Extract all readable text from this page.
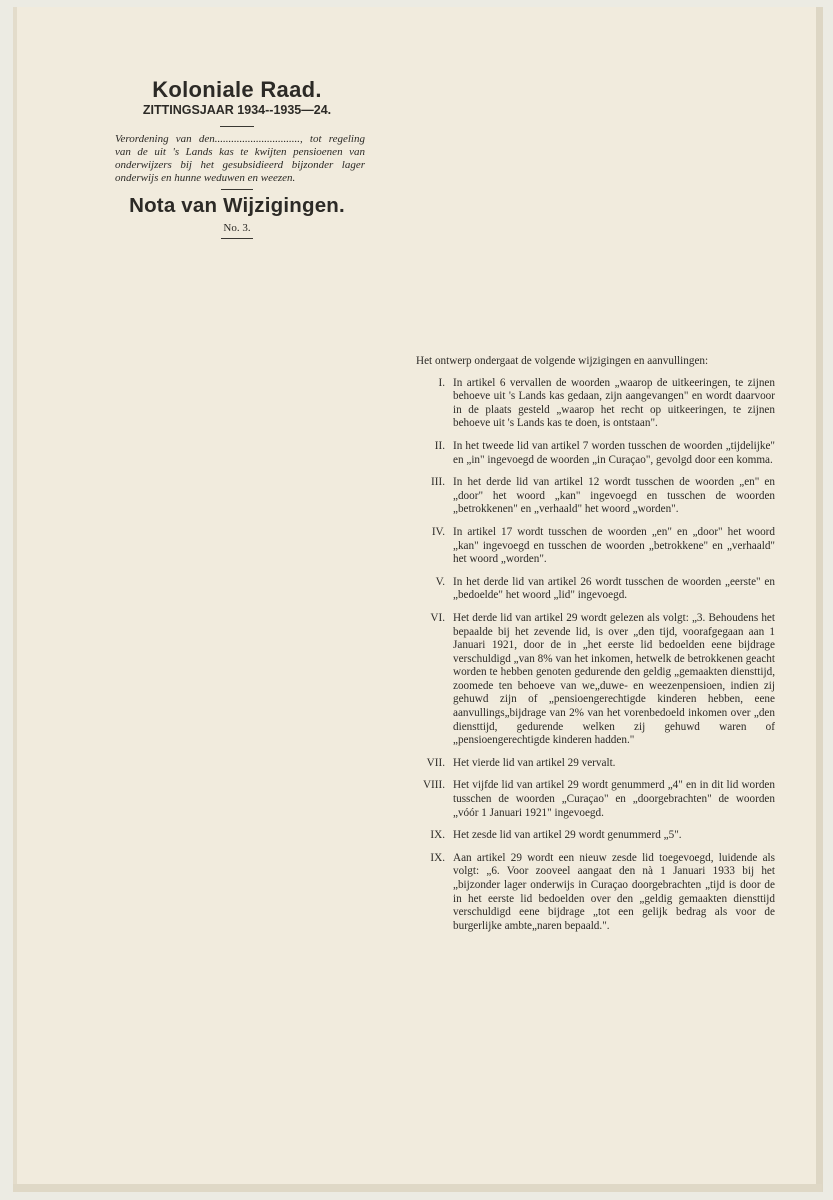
Koloniale Raad.
ZITTINGSJAAR 1934--1935—24.
Verordening van den..............................., tot regeling van de uit 's Lands kas te kwijten pensioenen van onderwijzers bij het gesubsidieerd bijzonder lager onderwijs en hunne weduwen en weezen.
Nota van Wijzigingen.
No. 3.

Het ontwerp ondergaat de volgende wijzigingen en aanvullingen:

I. In artikel 6 vervallen de woorden „waarop de uitkeeringen, te zijnen behoeve uit 's Lands kas gedaan, zijn aangevangen" en wordt daarvoor in de plaats gesteld „waarop het recht op uitkeeringen, te zijnen behoeve uit 's Lands kas te doen, is ontstaan".
II. In het tweede lid van artikel 7 worden tusschen de woorden „tijdelijke" en „in" ingevoegd de woorden „in Curaçao", gevolgd door een komma.
III. In het derde lid van artikel 12 wordt tusschen de woorden „en" en „door" het woord „kan" ingevoegd en tusschen de woorden „betrokkenen" en „verhaald" het woord „worden".
IV. In artikel 17 wordt tusschen de woorden „en" en „door" het woord „kan" ingevoegd en tusschen de woorden „betrokkene" en „verhaald" het woord „worden".
V. In het derde lid van artikel 26 wordt tusschen de woorden „eerste" en „bedoelde" het woord „lid" ingevoegd.
VI. Het derde lid van artikel 29 wordt gelezen als volgt: „3. Behoudens het bepaalde bij het zevende lid, is over „den tijd, voorafgegaan aan 1 Januari 1921, door de in „het eerste lid bedoelden eene bijdrage verschuldigd „van 8% van het inkomen, hetwelk de betrokkenen geacht worden te hebben genoten gedurende den geldig „gemaakten diensttijd, zoomede ten behoeve van we„duwe- en weezenpensioen, indien zij gehuwd zijn of „pensioengerechtigde kinderen hebben, eene aanvullings„bijdrage van 2% van het vorenbedoeld inkomen over „den diensttijd, gedurende welken zij gehuwd waren of „pensioengerechtigde kinderen hadden."
VII. Het vierde lid van artikel 29 vervalt.
VIII. Het vijfde lid van artikel 29 wordt genummerd „4" en in dit lid worden tusschen de woorden „Curaçao" en „doorgebrachten" de woorden „vóór 1 Januari 1921" ingevoegd.
IX. Het zesde lid van artikel 29 wordt genummerd „5".
IX. Aan artikel 29 wordt een nieuw zesde lid toegevoegd, luidende als volgt: „6. Voor zooveel aangaat den nà 1 Januari 1933 bij het „bijzonder lager onderwijs in Curaçao doorgebrachten „tijd is door de in het eerste lid bedoelden over den „geldig gemaakten diensttijd verschuldigd eene bijdrage „tot een gelijk bedrag als voor de burgerlijke ambte„naren bepaald.".
